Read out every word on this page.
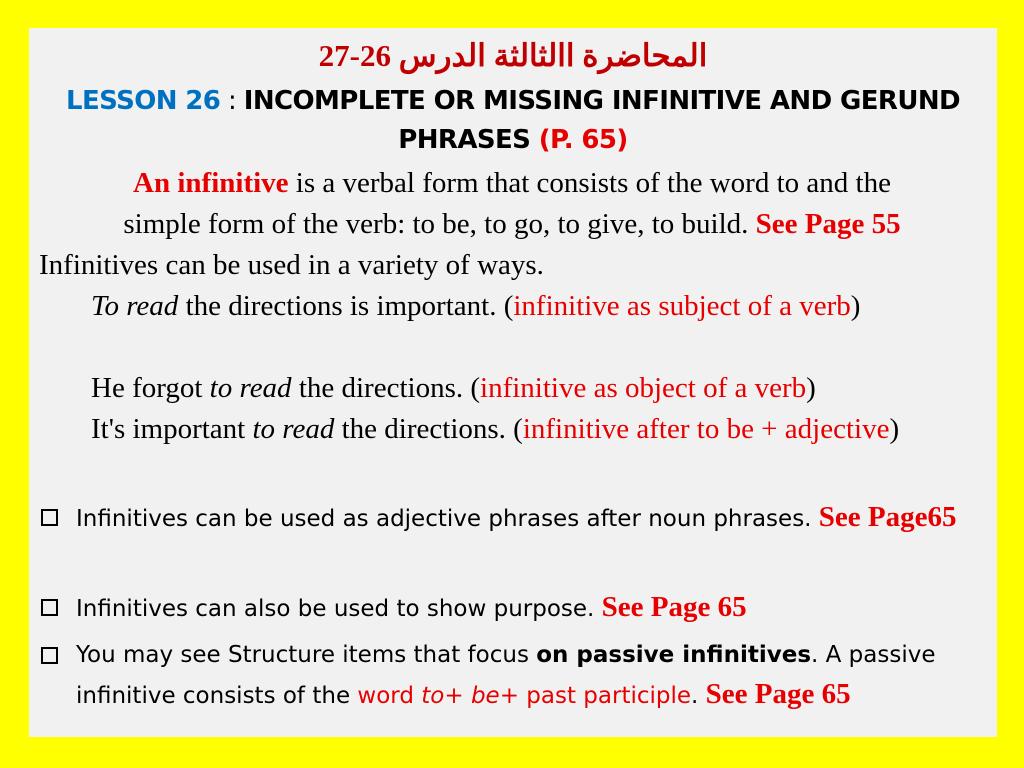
المحاضرة االثالثة الدرس 26-27
LESSON 26 : INCOMPLETE OR MISSING INFINITIVE AND GERUND
PHRASES (P. 65)
An infinitive is a verbal form that consists of the word to and the
simple form of the verb: to be, to go, to give, to build. See Page 55
Infinitives can be used in a variety of ways.
To read the directions is important. (infinitive as subject of a verb)
He forgot to read the directions. (infinitive as object of a verb)
It's important to read the directions. (infinitive after to be + adjective)
Infinitives can be used as adjective phrases after noun phrases. See Page65
Infinitives can also be used to show purpose. See Page 65
You may see Structure items that focus on passive infinitives. A passive infinitive consists of the word to+ be+ past participle. See Page 65
